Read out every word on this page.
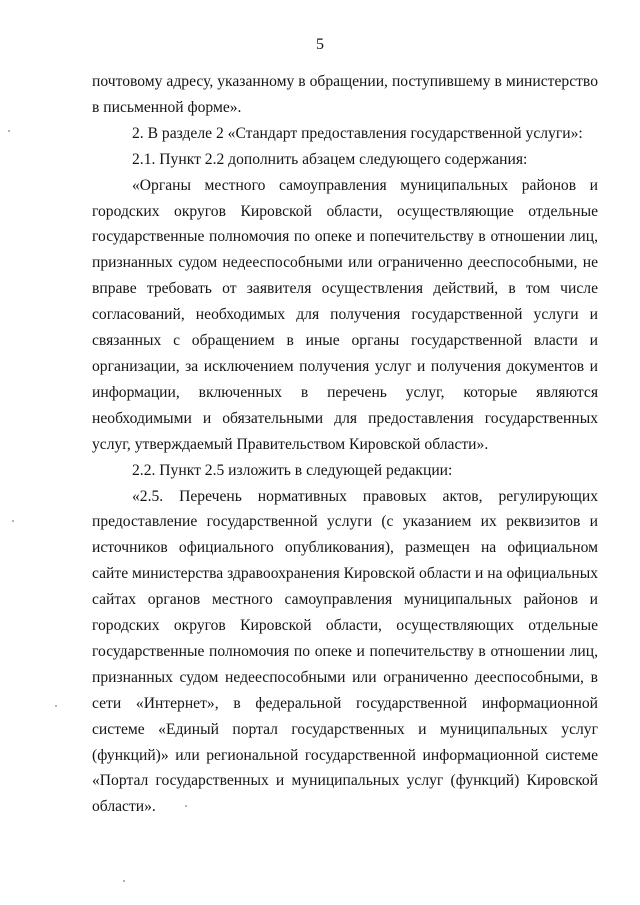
5

почтовому адресу, указанному в обращении, поступившему в министерство в письменной форме».

2. В разделе 2 «Стандарт предоставления государственной услуги»:

2.1. Пункт 2.2 дополнить абзацем следующего содержания:

«Органы местного самоуправления муниципальных районов и городских округов Кировской области, осуществляющие отдельные государственные полномочия по опеке и попечительству в отношении лиц, признанных судом недееспособными или ограниченно дееспособными, не вправе требовать от заявителя осуществления действий, в том числе согласований, необходимых для получения государственной услуги и связанных с обращением в иные органы государственной власти и организации, за исключением получения услуг и получения документов и информации, включенных в перечень услуг, которые являются необходимыми и обязательными для предоставления государственных услуг, утверждаемый Правительством Кировской области».

2.2. Пункт 2.5 изложить в следующей редакции:

«2.5. Перечень нормативных правовых актов, регулирующих предоставление государственной услуги (с указанием их реквизитов и источников официального опубликования), размещен на официальном сайте министерства здравоохранения Кировской области и на официальных сайтах органов местного самоуправления муниципальных районов и городских округов Кировской области, осуществляющих отдельные государственные полномочия по опеке и попечительству в отношении лиц, признанных судом недееспособными или ограниченно дееспособными, в сети «Интернет», в федеральной государственной информационной системе «Единый портал государственных и муниципальных услуг (функций)» или региональной государственной информационной системе «Портал государственных и муниципальных услуг (функций) Кировской области».
